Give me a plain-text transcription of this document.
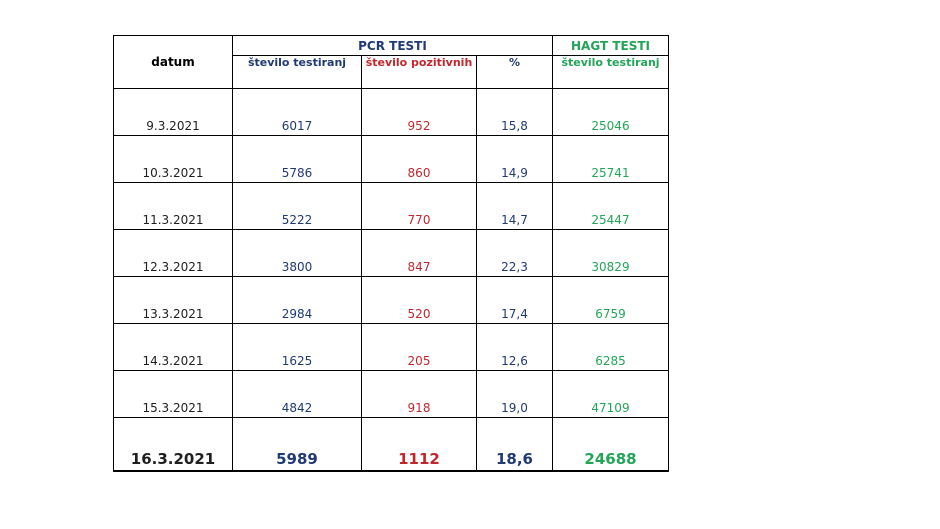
datum	PCR TESTI			HAGT TESTI
	število testiranj	število pozitivnih	%	število testiranj
9.3.2021	6017	952	15,8	25046
10.3.2021	5786	860	14,9	25741
11.3.2021	5222	770	14,7	25447
12.3.2021	3800	847	22,3	30829
13.3.2021	2984	520	17,4	6759
14.3.2021	1625	205	12,6	6285
15.3.2021	4842	918	19,0	47109
16.3.2021	5989	1112	18,6	24688
